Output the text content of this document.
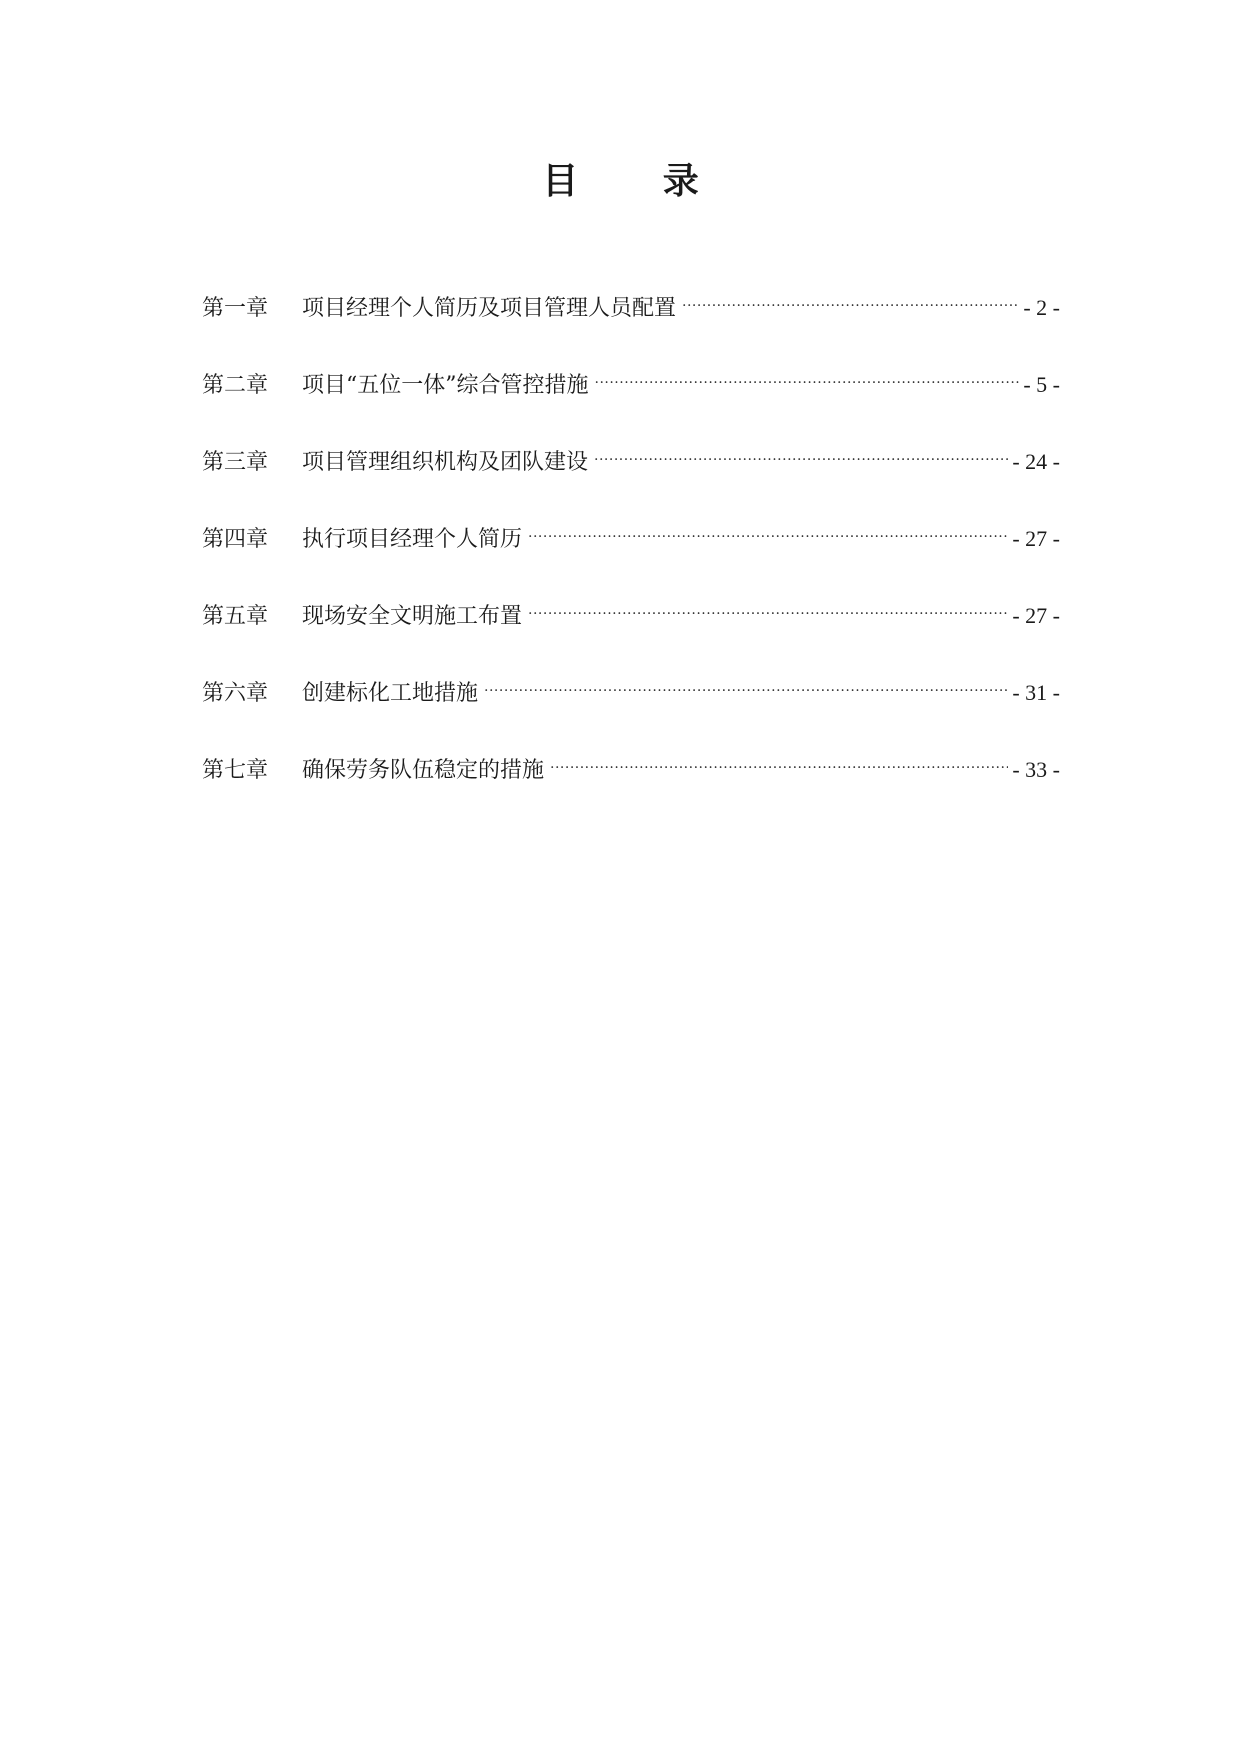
目 录
第一章	项目经理个人简历及项目管理人员配置 .....	- 2 -
第二章	项目“五位一体”综合管控措施 .....	- 5 -
第三章	项目管理组织机构及团队建设 .....	- 24 -
第四章	执行项目经理个人简历 .....	- 27 -
第五章	现场安全文明施工布置 .....	- 27 -
第六章	创建标化工地措施 .....	- 31 -
第七章	确保劳务队伍稳定的措施 .....	- 33 -
